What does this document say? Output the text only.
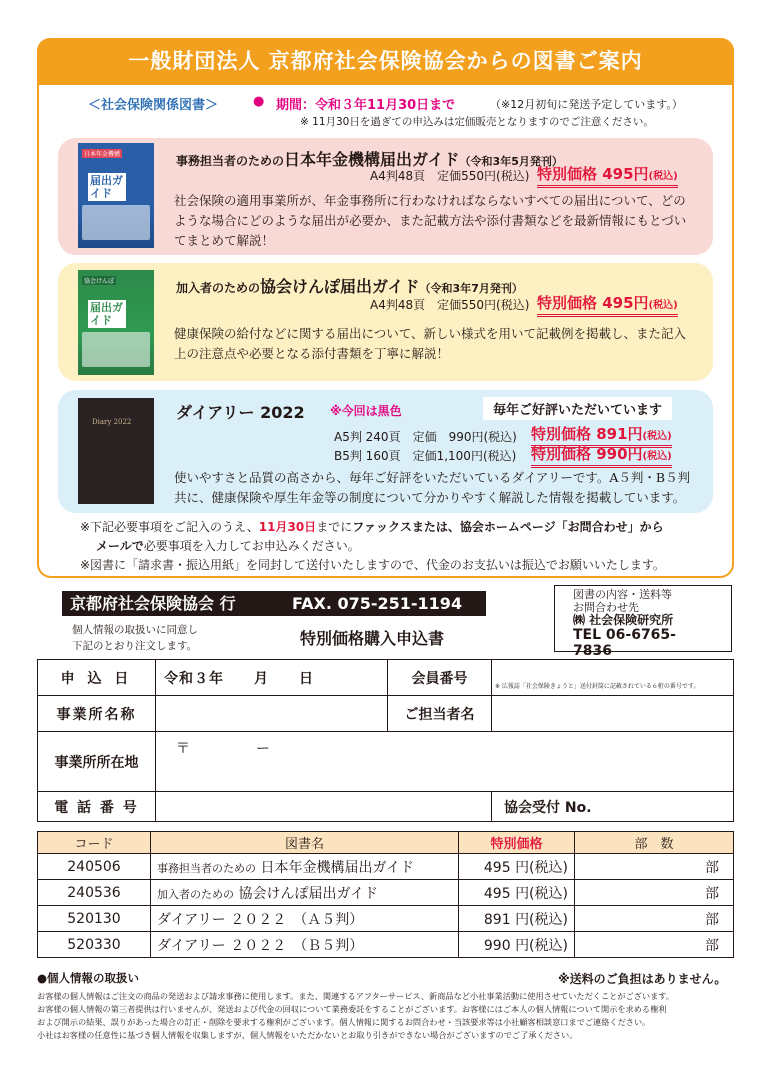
一般財団法人 京都府社会保険協会からの図書ご案内
＜社会保険関係図書＞	● 期間：令和３年11月30日まで	（※12月初旬に発送予定しています。）
※ 11月30日を過ぎての申込みは定価販売となりますのでご注意ください。
日本年金機構
届出ガイド
事務担当者のための日本年金機構届出ガイド（令和3年5月発刊）
A4判48頁　定価550円(税込) 特別価格 495円(税込)
社会保険の適用事業所が、年金事務所に行わなければならないすべての届出について、どのような場合にどのような届出が必要か、また記載方法や添付書類などを最新情報にもとづいてまとめて解説！
協会けんぽ
届出ガイド
加入者のための協会けんぽ届出ガイド（令和3年7月発刊）
A4判48頁　定価550円(税込) 特別価格 495円(税込)
健康保険の給付などに関する届出について、新しい様式を用いて記載例を掲載し、また記入上の注意点や必要となる添付書類を丁寧に解説！
Diary 2022	ダイアリー 2022 ※今回は黒色	毎年ご好評いただいています
A5判 240頁　定価　990円(税込) 特別価格 891円(税込)
B5判 160頁　定価1,100円(税込) 特別価格 990円(税込)
使いやすさと品質の高さから、毎年ご好評をいただいているダイアリーです。A５判・B５判共に、健康保険や厚生年金等の制度について分かりやすく解説した情報を掲載しています。
※下記必要事項をご記入のうえ、11月30日までにファックスまたは、協会ホームページ「お問合わせ」から
メールで必要事項を入力してお申込みください。
※図書に「請求書・振込用紙」を同封して送付いたしますので、代金のお支払いは振込でお願いいたします。
京都府社会保険協会 行	FAX. 075-251-1194	図書の内容・送料等
お問合わせ先
㈱ 社会保険研究所
TEL 06-6765-7836
個人情報の取扱いに同意し
下記のとおり注文します。	特別価格購入申込書
申 込 日	令和３年　　月　　日	会員番号	※ 広報誌「社会保険きょうと」送付封筒に記載されている６桁の番号です。
事業所名称		ご担当者名	
事業所所在地	〒　　　　ー		
電 話 番 号			協会受付 No.
コード	図書名	特別価格	部　数
240506	事務担当者のための 日本年金機構届出ガイド	495 円(税込)	部
240536	加入者のための 協会けんぽ届出ガイド	495 円(税込)	部
520130	ダイアリー ２０２２　（Ａ５判）	891 円(税込)	部
520330	ダイアリー ２０２２　（Ｂ５判）	990 円(税込)	部
●個人情報の取扱い	※送料のご負担はありません。
お客様の個人情報はご注文の商品の発送および請求事務に使用します。また、関連するアフターサービス、新商品など小社事業活動に使用させていただくことがございます。
お客様の個人情報の第三者提供は行いませんが、発送および代金の回収について業務委託をすることがございます。お客様にはご本人の個人情報について開示を求める権利
および開示の結果、誤りがあった場合の訂正・削除を要求する権利がございます。個人情報に関するお問合わせ・当該要求等は小社顧客相談窓口までご連絡ください。
小社はお客様の任意性に基づき個人情報を収集しますが、個人情報をいただかないとお取り引きができない場合がございますのでご了承ください。
